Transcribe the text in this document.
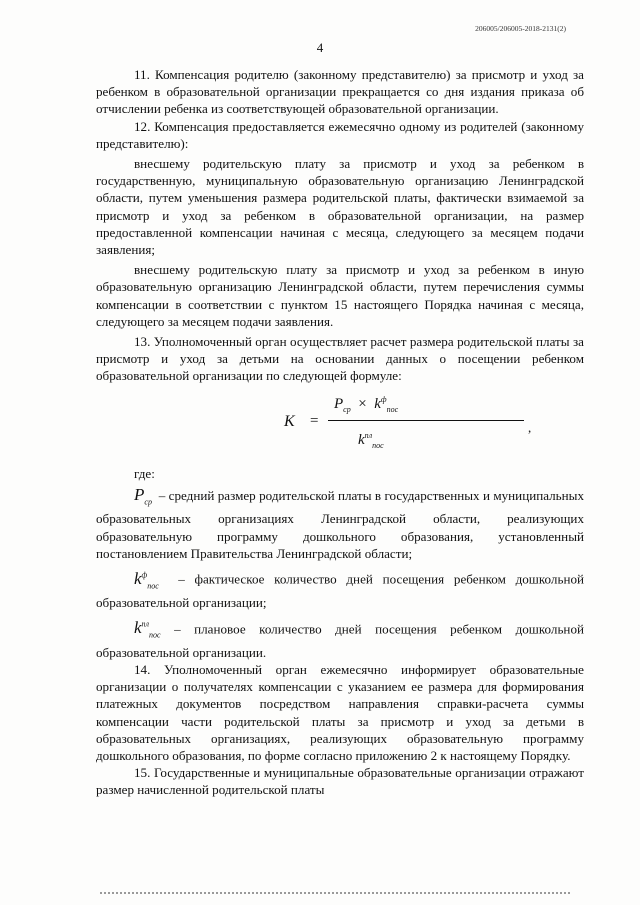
206005/206005-2018-2131(2)
4

11. Компенсация родителю (законному представителю) за присмотр и уход за ребенком в образовательной организации прекращается со дня издания приказа об отчислении ребенка из соответствующей образовательной организации.

12. Компенсация предоставляется ежемесячно одному из родителей (законному представителю):

внесшему родительскую плату за присмотр и уход за ребенком в государственную, муниципальную образовательную организацию Ленинградской области, путем уменьшения размера родительской платы, фактически взимаемой за присмотр и уход за ребенком в образовательной организации, на размер предоставленной компенсации начиная с месяца, следующего за месяцем подачи заявления;

внесшему родительскую плату за присмотр и уход за ребенком в иную образовательную организацию Ленинградской области, путем перечисления суммы компенсации в соответствии с пунктом 15 настоящего Порядка начиная с месяца, следующего за месяцем подачи заявления.

13. Уполномоченный орган осуществляет расчет размера родительской платы за присмотр и уход за детьми на основании данных о посещении ребенком образовательной организации по следующей формуле:

К =
$P_{ср} \times k^ф_{пос}$
$k^{пл}_{пос}$
,

где:

$P_{ср}$ – средний размер родительской платы в государственных и муниципальных образовательных организациях Ленинградской области, реализующих образовательную программу дошкольного образования, установленный постановлением Правительства Ленинградской области;

$k^ф_{пос}$ – фактическое количество дней посещения ребенком дошкольной образовательной организации;

$k^{пл}_{пос}$ – плановое количество дней посещения ребенком дошкольной образовательной организации.

14. Уполномоченный орган ежемесячно информирует образовательные организации о получателях компенсации с указанием ее размера для формирования платежных документов посредством направления справки-расчета суммы компенсации части родительской платы за присмотр и уход за детьми в образовательных организациях, реализующих образовательную программу дошкольного образования, по форме согласно приложению 2 к настоящему Порядку.

15. Государственные и муниципальные образовательные организации отражают размер начисленной родительской платы
